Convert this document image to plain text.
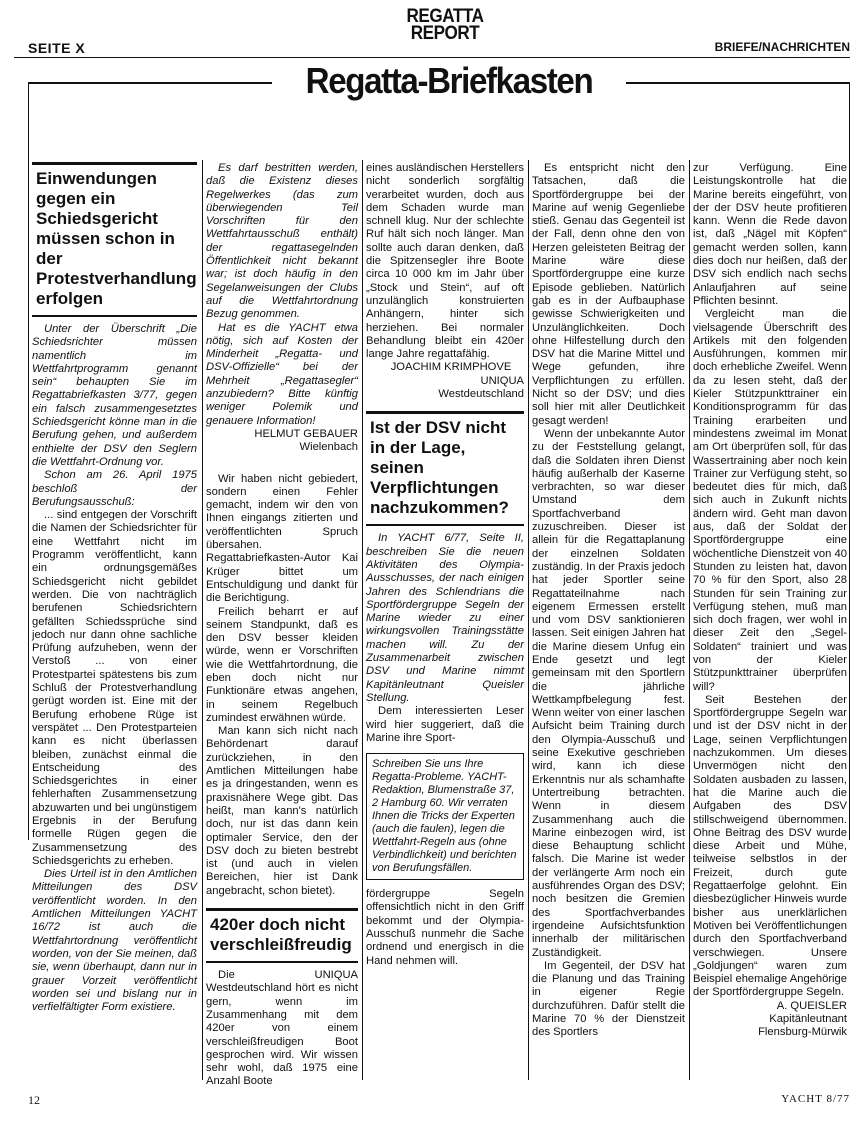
SEITE X
REGATTA
REPORT
BRIEFE/NACHRICHTEN
Regatta-Briefkasten
Einwendungen gegen ein Schiedsgericht müssen schon in der Protestverhandlung erfolgen

Unter der Überschrift „Die Schiedsrichter müssen namentlich im Wettfahrtprogramm genannt sein“ behaupten Sie im Regattabriefkasten 3/77, gegen ein falsch zusammengesetztes Schiedsgericht könne man in die Berufung gehen, und außerdem enthielte der DSV den Seglern die Wettfahrt-Ordnung vor.

Schon am 26. April 1975 beschloß der Berufungsausschuß:

... sind entgegen der Vorschrift die Namen der Schiedsrichter für eine Wettfahrt nicht im Programm veröffentlicht, kann ein ordnungsgemäßes Schiedsgericht nicht gebildet werden. Die von nachträglich berufenen Schiedsrichtern gefällten Schiedssprüche sind jedoch nur dann ohne sachliche Prüfung aufzuheben, wenn der Verstoß ... von einer Protestpartei spätestens bis zum Schluß der Protestverhandlung gerügt worden ist. Eine mit der Berufung erhobene Rüge ist verspätet ... Den Protestparteien kann es nicht überlassen bleiben, zunächst einmal die Entscheidung des Schiedsgerichtes in einer fehlerhaften Zusammensetzung abzuwarten und bei ungünstigem Ergebnis in der Berufung formelle Rügen gegen die Zusammensetzung des Schiedsgerichts zu erheben.

Dies Urteil ist in den Amtlichen Mitteilungen des DSV veröffentlicht worden. In den Amtlichen Mitteilungen YACHT 16/72 ist auch die Wettfahrtordnung veröffentlicht worden, von der Sie meinen, daß sie, wenn überhaupt, dann nur in grauer Vorzeit veröffentlicht worden sei und bislang nur in verfielfältigter Form existiere.

Es darf bestritten werden, daß die Existenz dieses Regelwerkes (das zum überwiegenden Teil Vorschriften für den Wettfahrtausschuß enthält) der regattasegelnden Öffentlichkeit nicht bekannt war; ist doch häufig in den Segelanweisungen der Clubs auf die Wettfahrtordnung Bezug genommen.

Hat es die YACHT etwa nötig, sich auf Kosten der Minderheit „Regatta- und DSV-Offizielle“ bei der Mehrheit „Regattasegler“ anzubiedern? Bitte künftig weniger Polemik und genauere Information!

HELMUT GEBAUER

Wielenbach

Wir haben nicht gebiedert, sondern einen Fehler gemacht, indem wir den von Ihnen eingangs zitierten und veröffentlichten Spruch übersahen. Regattabriefkasten-Autor Kai Krüger bittet um Entschuldigung und dankt für die Berichtigung.

Freilich beharrt er auf seinem Standpunkt, daß es den DSV besser kleiden würde, wenn er Vorschriften wie die Wettfahrtordnung, die eben doch nicht nur Funktionäre etwas angehen, in seinem Regelbuch zumindest erwähnen würde.

Man kann sich nicht nach Behördenart darauf zurückziehen, in den Amtlichen Mitteilungen habe es ja dringestanden, wenn es praxisnähere Wege gibt. Das heißt, man kann's natürlich doch, nur ist das dann kein optimaler Service, den der DSV doch zu bieten bestrebt ist (und auch in vielen Bereichen, hier ist Dank angebracht, schon bietet).

420er doch nicht verschleißfreudig

Die UNIQUA Westdeutschland hört es nicht gern, wenn im Zusammenhang mit dem 420er von einem verschleißfreudigen Boot gesprochen wird. Wir wissen sehr wohl, daß 1975 eine Anzahl Boote

eines ausländischen Herstellers nicht sonderlich sorgfältig verarbeitet wurden, doch aus dem Schaden wurde man schnell klug. Nur der schlechte Ruf hält sich noch länger. Man sollte auch daran denken, daß die Spitzensegler ihre Boote circa 10 000 km im Jahr über „Stock und Stein“, auf oft unzulänglich konstruierten Anhängern, hinter sich herziehen. Bei normaler Behandlung bleibt ein 420er lange Jahre regattafähig.

JOACHIM KRIMPHOVE

UNIQUA

Westdeutschland

Ist der DSV nicht in der Lage, seinen Verpflichtungen nachzukommen?

In YACHT 6/77, Seite II, beschreiben Sie die neuen Aktivitäten des Olympia-Ausschusses, der nach einigen Jahren des Schlendrians die Sportfördergruppe Segeln der Marine wieder zu einer wirkungsvollen Trainingsstätte machen will. Zu der Zusammenarbeit zwischen DSV und Marine nimmt Kapitänleutnant Queisler Stellung.

Dem interessierten Leser wird hier suggeriert, daß die Marine ihre Sport-

Schreiben Sie uns Ihre Regatta-Probleme. YACHT-Redaktion, Blumenstraße 37, 2 Hamburg 60. Wir verraten Ihnen die Tricks der Experten (auch die faulen), legen die Wettfahrt-Regeln aus (ohne Verbindlichkeit) und berichten von Berufungsfällen.

fördergruppe Segeln offensichtlich nicht in den Griff bekommt und der Olympia-Ausschuß nunmehr die Sache ordnend und energisch in die Hand nehmen will.

Es entspricht nicht den Tatsachen, daß die Sportfördergruppe bei der Marine auf wenig Gegenliebe stieß. Genau das Gegenteil ist der Fall, denn ohne den von Herzen geleisteten Beitrag der Marine wäre diese Sportfördergruppe eine kurze Episode geblieben. Natürlich gab es in der Aufbauphase gewisse Schwierigkeiten und Unzulänglichkeiten. Doch ohne Hilfestellung durch den DSV hat die Marine Mittel und Wege gefunden, ihre Verpflichtungen zu erfüllen. Nicht so der DSV; und dies soll hier mit aller Deutlichkeit gesagt werden!

Wenn der unbekannte Autor zu der Feststellung gelangt, daß die Soldaten ihren Dienst häufig außerhalb der Kaserne verbrachten, so war dieser Umstand dem Sportfachverband zuzuschreiben. Dieser ist allein für die Regattaplanung der einzelnen Soldaten zuständig. In der Praxis jedoch hat jeder Sportler seine Regattateilnahme nach eigenem Ermessen erstellt und vom DSV sanktionieren lassen. Seit einigen Jahren hat die Marine diesem Unfug ein Ende gesetzt und legt gemeinsam mit den Sportlern die jährliche Wettkampfbelegung fest. Wenn weiter von einer laschen Aufsicht beim Training durch den Olympia-Ausschuß und seine Exekutive geschrieben wird, kann ich diese Erkenntnis nur als schamhafte Untertreibung betrachten. Wenn in diesem Zusammenhang auch die Marine einbezogen wird, ist diese Behauptung schlicht falsch. Die Marine ist weder der verlängerte Arm noch ein ausführendes Organ des DSV; noch besitzen die Gremien des Sportfachverbandes irgendeine Aufsichtsfunktion innerhalb der militärischen Zuständigkeit.

Im Gegenteil, der DSV hat die Planung und das Training in eigener Regie durchzuführen. Dafür stellt die Marine 70 % der Dienstzeit des Sportlers

zur Verfügung. Eine Leistungskontrolle hat die Marine bereits eingeführt, von der der DSV heute profitieren kann. Wenn die Rede davon ist, daß „Nägel mit Köpfen“ gemacht werden sollen, kann dies doch nur heißen, daß der DSV sich endlich nach sechs Anlaufjahren auf seine Pflichten besinnt.

Vergleicht man die vielsagende Überschrift des Artikels mit den folgenden Ausführungen, kommen mir doch erhebliche Zweifel. Wenn da zu lesen steht, daß der Kieler Stützpunkttrainer ein Konditionsprogramm für das Training erarbeiten und mindestens zweimal im Monat am Ort überprüfen soll, für das Wassertraining aber noch kein Trainer zur Verfügung steht, so bedeutet dies für mich, daß sich auch in Zukunft nichts ändern wird. Geht man davon aus, daß der Soldat der Sportfördergruppe eine wöchentliche Dienstzeit von 40 Stunden zu leisten hat, davon 70 % für den Sport, also 28 Stunden für sein Training zur Verfügung stehen, muß man sich doch fragen, wer wohl in dieser Zeit den „Segel-Soldaten“ trainiert und was von der Kieler Stützpunkttrainer überprüfen will?

Seit Bestehen der Sportfördergruppe Segeln war und ist der DSV nicht in der Lage, seinen Verpflichtungen nachzukommen. Um dieses Unvermögen nicht den Soldaten ausbaden zu lassen, hat die Marine auch die Aufgaben des DSV stillschweigend übernommen. Ohne Beitrag des DSV wurde diese Arbeit und Mühe, teilweise selbstlos in der Freizeit, durch gute Regattaerfolge gelohnt. Ein diesbezüglicher Hinweis wurde bisher aus unerklärlichen Motiven bei Veröffentlichungen durch den Sportfachverband verschwiegen. Unsere „Goldjungen“ waren zum Beispiel ehemalige Angehörige der Sportfördergruppe Segeln.

A. QUEISLER

Kapitänleutnant

Flensburg-Mürwik

12	YACHT 8/77
